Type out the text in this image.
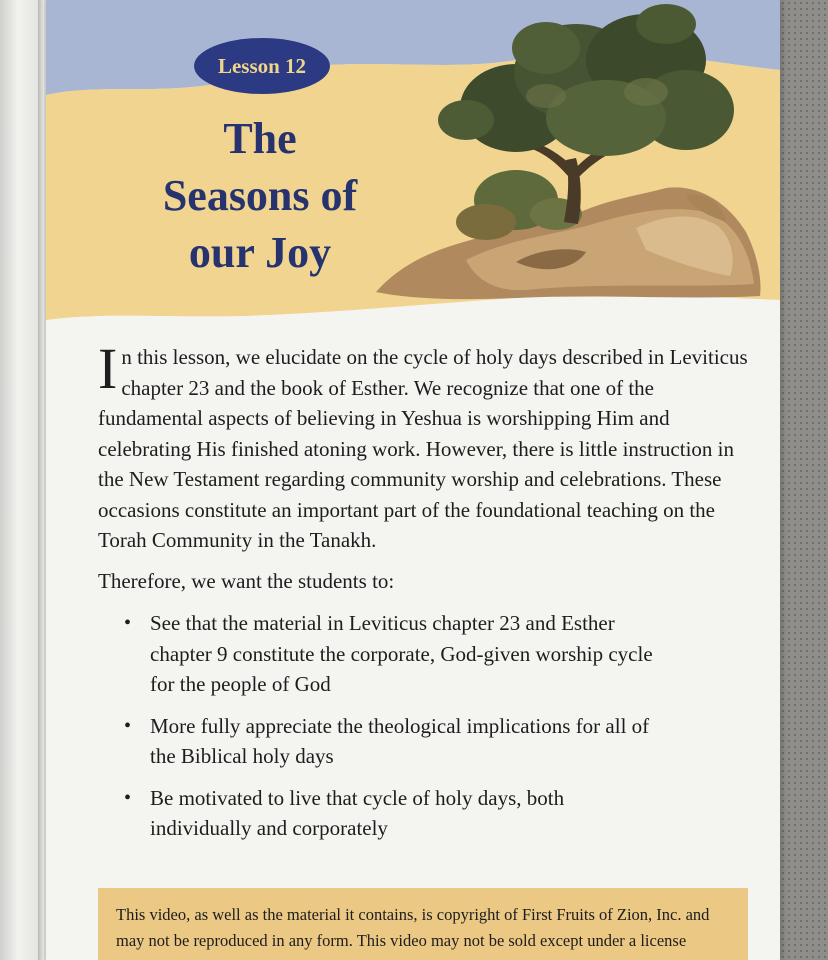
Lesson 12
The
Seasons of
our Joy

In this lesson, we elucidate on the cycle of holy days described in Leviticus chapter 23 and the book of Esther. We recognize that one of the fundamental aspects of believing in Yeshua is worshipping Him and celebrating His finished atoning work. However, there is little instruction in the New Testament regarding community worship and celebrations. These occasions constitute an important part of the foundational teaching on the Torah Community in the Tanakh.

Therefore, we want the students to:

• See that the material in Leviticus chapter 23 and Esther chapter 9 constitute the corporate, God-given worship cycle for the people of God
• More fully appreciate the theological implications for all of the Biblical holy days
• Be motivated to live that cycle of holy days, both individually and corporately
This video, as well as the material it contains, is copyright of First Fruits of Zion, Inc. and may not be reproduced in any form. This video may not be sold except under a license
